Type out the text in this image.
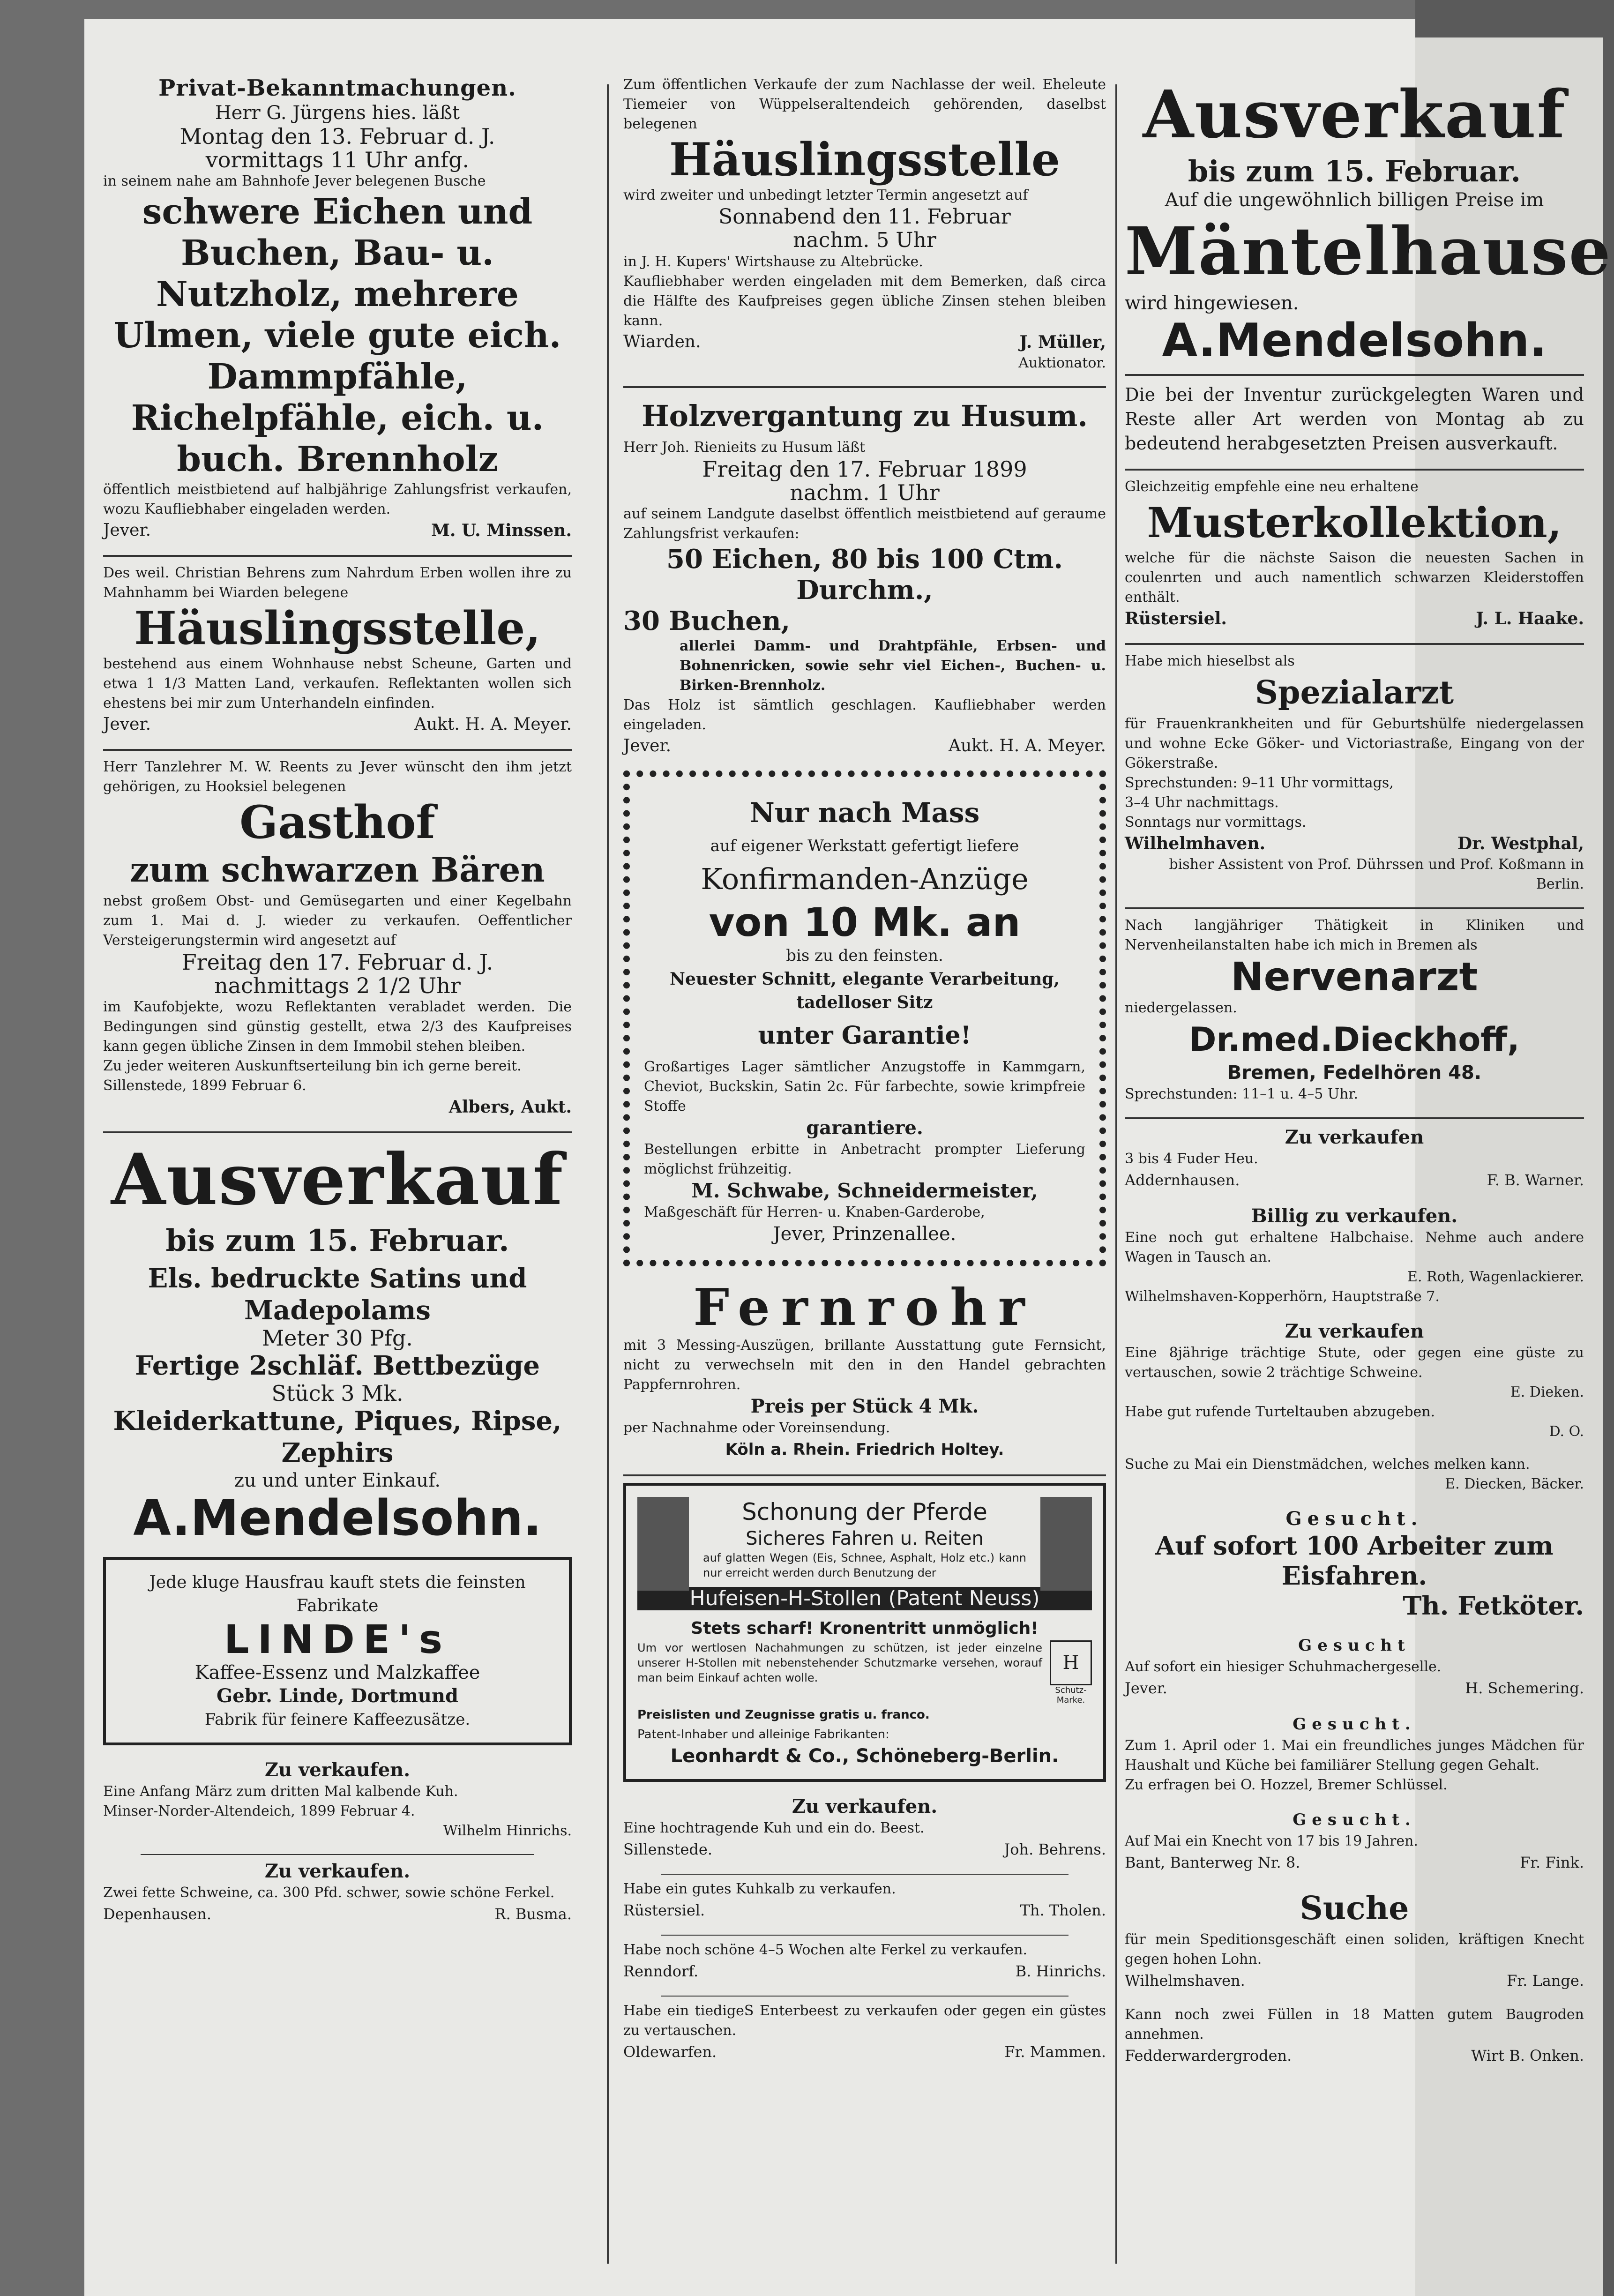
Privat-Bekanntmachungen.

Herr G. Jürgens hies. läßt

Montag den 13. Februar d. J.

vormittags 11 Uhr anfg.

in seinem nahe am Bahnhofe Jever belegenen Busche

schwere Eichen und Buchen, Bau- u. Nutzholz, mehrere Ulmen, viele gute eich. Dammpfähle, Richelpfähle, eich. u. buch. Brennholz

öffentlich meistbietend auf halbjährige Zahlungsfrist verkaufen, wozu Kaufliebhaber eingeladen werden.

Jever.	M. U. Minssen.

Des weil. Christian Behrens zum Nahrdum Erben wollen ihre zu Mahnhamm bei Wiarden belegene

Häuslingsstelle,

bestehend aus einem Wohnhause nebst Scheune, Garten und etwa 1 1/3 Matten Land, verkaufen. Reflektanten wollen sich ehestens bei mir zum Unterhandeln einfinden.

Jever.	Aukt. H. A. Meyer.

Herr Tanzlehrer M. W. Reents zu Jever wünscht den ihm jetzt gehörigen, zu Hooksiel belegenen

Gasthof

zum schwarzen Bären

nebst großem Obst- und Gemüsegarten und einer Kegelbahn zum 1. Mai d. J. wieder zu verkaufen. Oeffentlicher Versteigerungstermin wird angesetzt auf

Freitag den 17. Februar d. J.

nachmittags 2 1/2 Uhr

im Kaufobjekte, wozu Reflektanten verabladet werden. Die Bedingungen sind günstig gestellt, etwa 2/3 des Kaufpreises kann gegen übliche Zinsen in dem Immobil stehen bleiben.

Zu jeder weiteren Auskunftserteilung bin ich gerne bereit.

Sillenstede, 1899 Februar 6.

Albers, Aukt.

Ausverkauf

bis zum 15. Februar.

Els. bedruckte Satins und Madepolams

Meter 30 Pfg.

Fertige 2schläf. Bettbezüge

Stück 3 Mk.

Kleiderkattune, Piques, Ripse, Zephirs

zu und unter Einkauf.

A.Mendelsohn.

Jede kluge Hausfrau kauft stets die feinsten Fabrikate

LINDE's

Kaffee-Essenz und Malzkaffee

Gebr. Linde, Dortmund

Fabrik für feinere Kaffeezusätze.

Zu verkaufen.

Eine Anfang März zum dritten Mal kalbende Kuh.

Minser-Norder-Altendeich, 1899 Februar 4.

Wilhelm Hinrichs.

Zu verkaufen.

Zwei fette Schweine, ca. 300 Pfd. schwer, sowie schöne Ferkel.

Depenhausen.	R. Busma.

Zum öffentlichen Verkaufe der zum Nachlasse der weil. Eheleute Tiemeier von Wüppelseraltendeich gehörenden, daselbst belegenen

Häuslingsstelle

wird zweiter und unbedingt letzter Termin angesetzt auf

Sonnabend den 11. Februar

nachm. 5 Uhr

in J. H. Kupers' Wirtshause zu Altebrücke.

Kaufliebhaber werden eingeladen mit dem Bemerken, daß circa die Hälfte des Kaufpreises gegen übliche Zinsen stehen bleiben kann.

Wiarden.	J. Müller,

Auktionator.

Holzvergantung zu Husum.

Herr Joh. Rienieits zu Husum läßt

Freitag den 17. Februar 1899

nachm. 1 Uhr

auf seinem Landgute daselbst öffentlich meistbietend auf geraume Zahlungsfrist verkaufen:

50 Eichen, 80 bis 100 Ctm. Durchm.,

30 Buchen,

allerlei Damm- und Drahtpfähle, Erbsen- und Bohnenricken, sowie sehr viel Eichen-, Buchen- u. Birken-Brennholz.

Das Holz ist sämtlich geschlagen. Kaufliebhaber werden eingeladen.

Jever.	Aukt. H. A. Meyer.

Nur nach Mass

auf eigener Werkstatt gefertigt liefere

Konfirmanden-Anzüge

von 10 Mk. an

bis zu den feinsten.

Neuester Schnitt, elegante Verarbeitung, tadelloser Sitz

unter Garantie!

Großartiges Lager sämtlicher Anzugstoffe in Kammgarn, Cheviot, Buckskin, Satin 2c. Für farbechte, sowie krimpfreie Stoffe

garantiere.

Bestellungen erbitte in Anbetracht prompter Lieferung möglichst frühzeitig.

M. Schwabe, Schneidermeister,

Maßgeschäft für Herren- u. Knaben-Garderobe,

Jever, Prinzenallee.

Fernrohr

mit 3 Messing-Auszügen, brillante Ausstattung gute Fernsicht, nicht zu verwechseln mit den in den Handel gebrachten Pappfernrohren.

Preis per Stück 4 Mk.

per Nachnahme oder Voreinsendung.

Köln a. Rhein. Friedrich Holtey.

Schonung der Pferde

Sicheres Fahren u. Reiten

auf glatten Wegen (Eis, Schnee, Asphalt, Holz etc.) kann nur erreicht werden durch Benutzung der

Hufeisen-H-Stollen (Patent Neuss)

Stets scharf! Kronentritt unmöglich!

Um vor wertlosen Nachahmungen zu schützen, ist jeder einzelne unserer H-Stollen mit nebenstehender Schutzmarke versehen, worauf man beim Einkauf achten wolle.

H
Schutz-Marke.

Preislisten und Zeugnisse gratis u. franco.

Patent-Inhaber und alleinige Fabrikanten:

Leonhardt & Co., Schöneberg-Berlin.

Zu verkaufen.

Eine hochtragende Kuh und ein do. Beest.

Sillenstede.	Joh. Behrens.

Habe ein gutes Kuhkalb zu verkaufen.

Rüstersiel.	Th. Tholen.

Habe noch schöne 4–5 Wochen alte Ferkel zu verkaufen.

Renndorf.	B. Hinrichs.

Habe ein tiedigeS Enterbeest zu verkaufen oder gegen ein güstes zu vertauschen.

Oldewarfen.	Fr. Mammen.

Ausverkauf

bis zum 15. Februar.

Auf die ungewöhnlich billigen Preise im

Mäntelhause

wird hingewiesen.

A.Mendelsohn.

Die bei der Inventur zurückgelegten Waren und Reste aller Art werden von Montag ab zu bedeutend herabgesetzten Preisen ausverkauft.

Gleichzeitig empfehle eine neu erhaltene

Musterkollektion,

welche für die nächste Saison die neuesten Sachen in coulenrten und auch namentlich schwarzen Kleiderstoffen enthält.

Rüstersiel.	J. L. Haake.

Habe mich hieselbst als

Spezialarzt

für Frauenkrankheiten und für Geburtshülfe niedergelassen und wohne Ecke Göker- und Victoriastraße, Eingang von der Gökerstraße.

Sprechstunden: 9–11 Uhr vormittags,

3–4 Uhr nachmittags.

Sonntags nur vormittags.

Wilhelmhaven.	Dr. Westphal,

bisher Assistent von Prof. Dührssen und Prof. Koßmann in Berlin.

Nach langjähriger Thätigkeit in Kliniken und Nervenheilanstalten habe ich mich in Bremen als

Nervenarzt

niedergelassen.

Dr.med.Dieckhoff,

Bremen, Fedelhören 48.

Sprechstunden: 11–1 u. 4–5 Uhr.

Zu verkaufen

3 bis 4 Fuder Heu.

Addernhausen.	F. B. Warner.

Billig zu verkaufen.

Eine noch gut erhaltene Halbchaise. Nehme auch andere Wagen in Tausch an.

E. Roth, Wagenlackierer.

Wilhelmshaven-Kopperhörn, Hauptstraße 7.

Zu verkaufen

Eine 8jährige trächtige Stute, oder gegen eine güste zu vertauschen, sowie 2 trächtige Schweine.

E. Dieken.

Habe gut rufende Turteltauben abzugeben.

D. O.

Suche zu Mai ein Dienstmädchen, welches melken kann.

E. Diecken, Bäcker.

Gesucht.

Auf sofort 100 Arbeiter zum Eisfahren.

Th. Fetköter.

Gesucht

Auf sofort ein hiesiger Schuhmachergeselle.

Jever.	H. Schemering.

Gesucht.

Zum 1. April oder 1. Mai ein freundliches junges Mädchen für Haushalt und Küche bei familiärer Stellung gegen Gehalt.

Zu erfragen bei O. Hozzel, Bremer Schlüssel.

Gesucht.

Auf Mai ein Knecht von 17 bis 19 Jahren.

Bant, Banterweg Nr. 8.	Fr. Fink.

Suche

für mein Speditionsgeschäft einen soliden, kräftigen Knecht gegen hohen Lohn.

Wilhelmshaven.	Fr. Lange.

Kann noch zwei Füllen in 18 Matten gutem Baugroden annehmen.

Fedderwardergroden.	Wirt B. Onken.
